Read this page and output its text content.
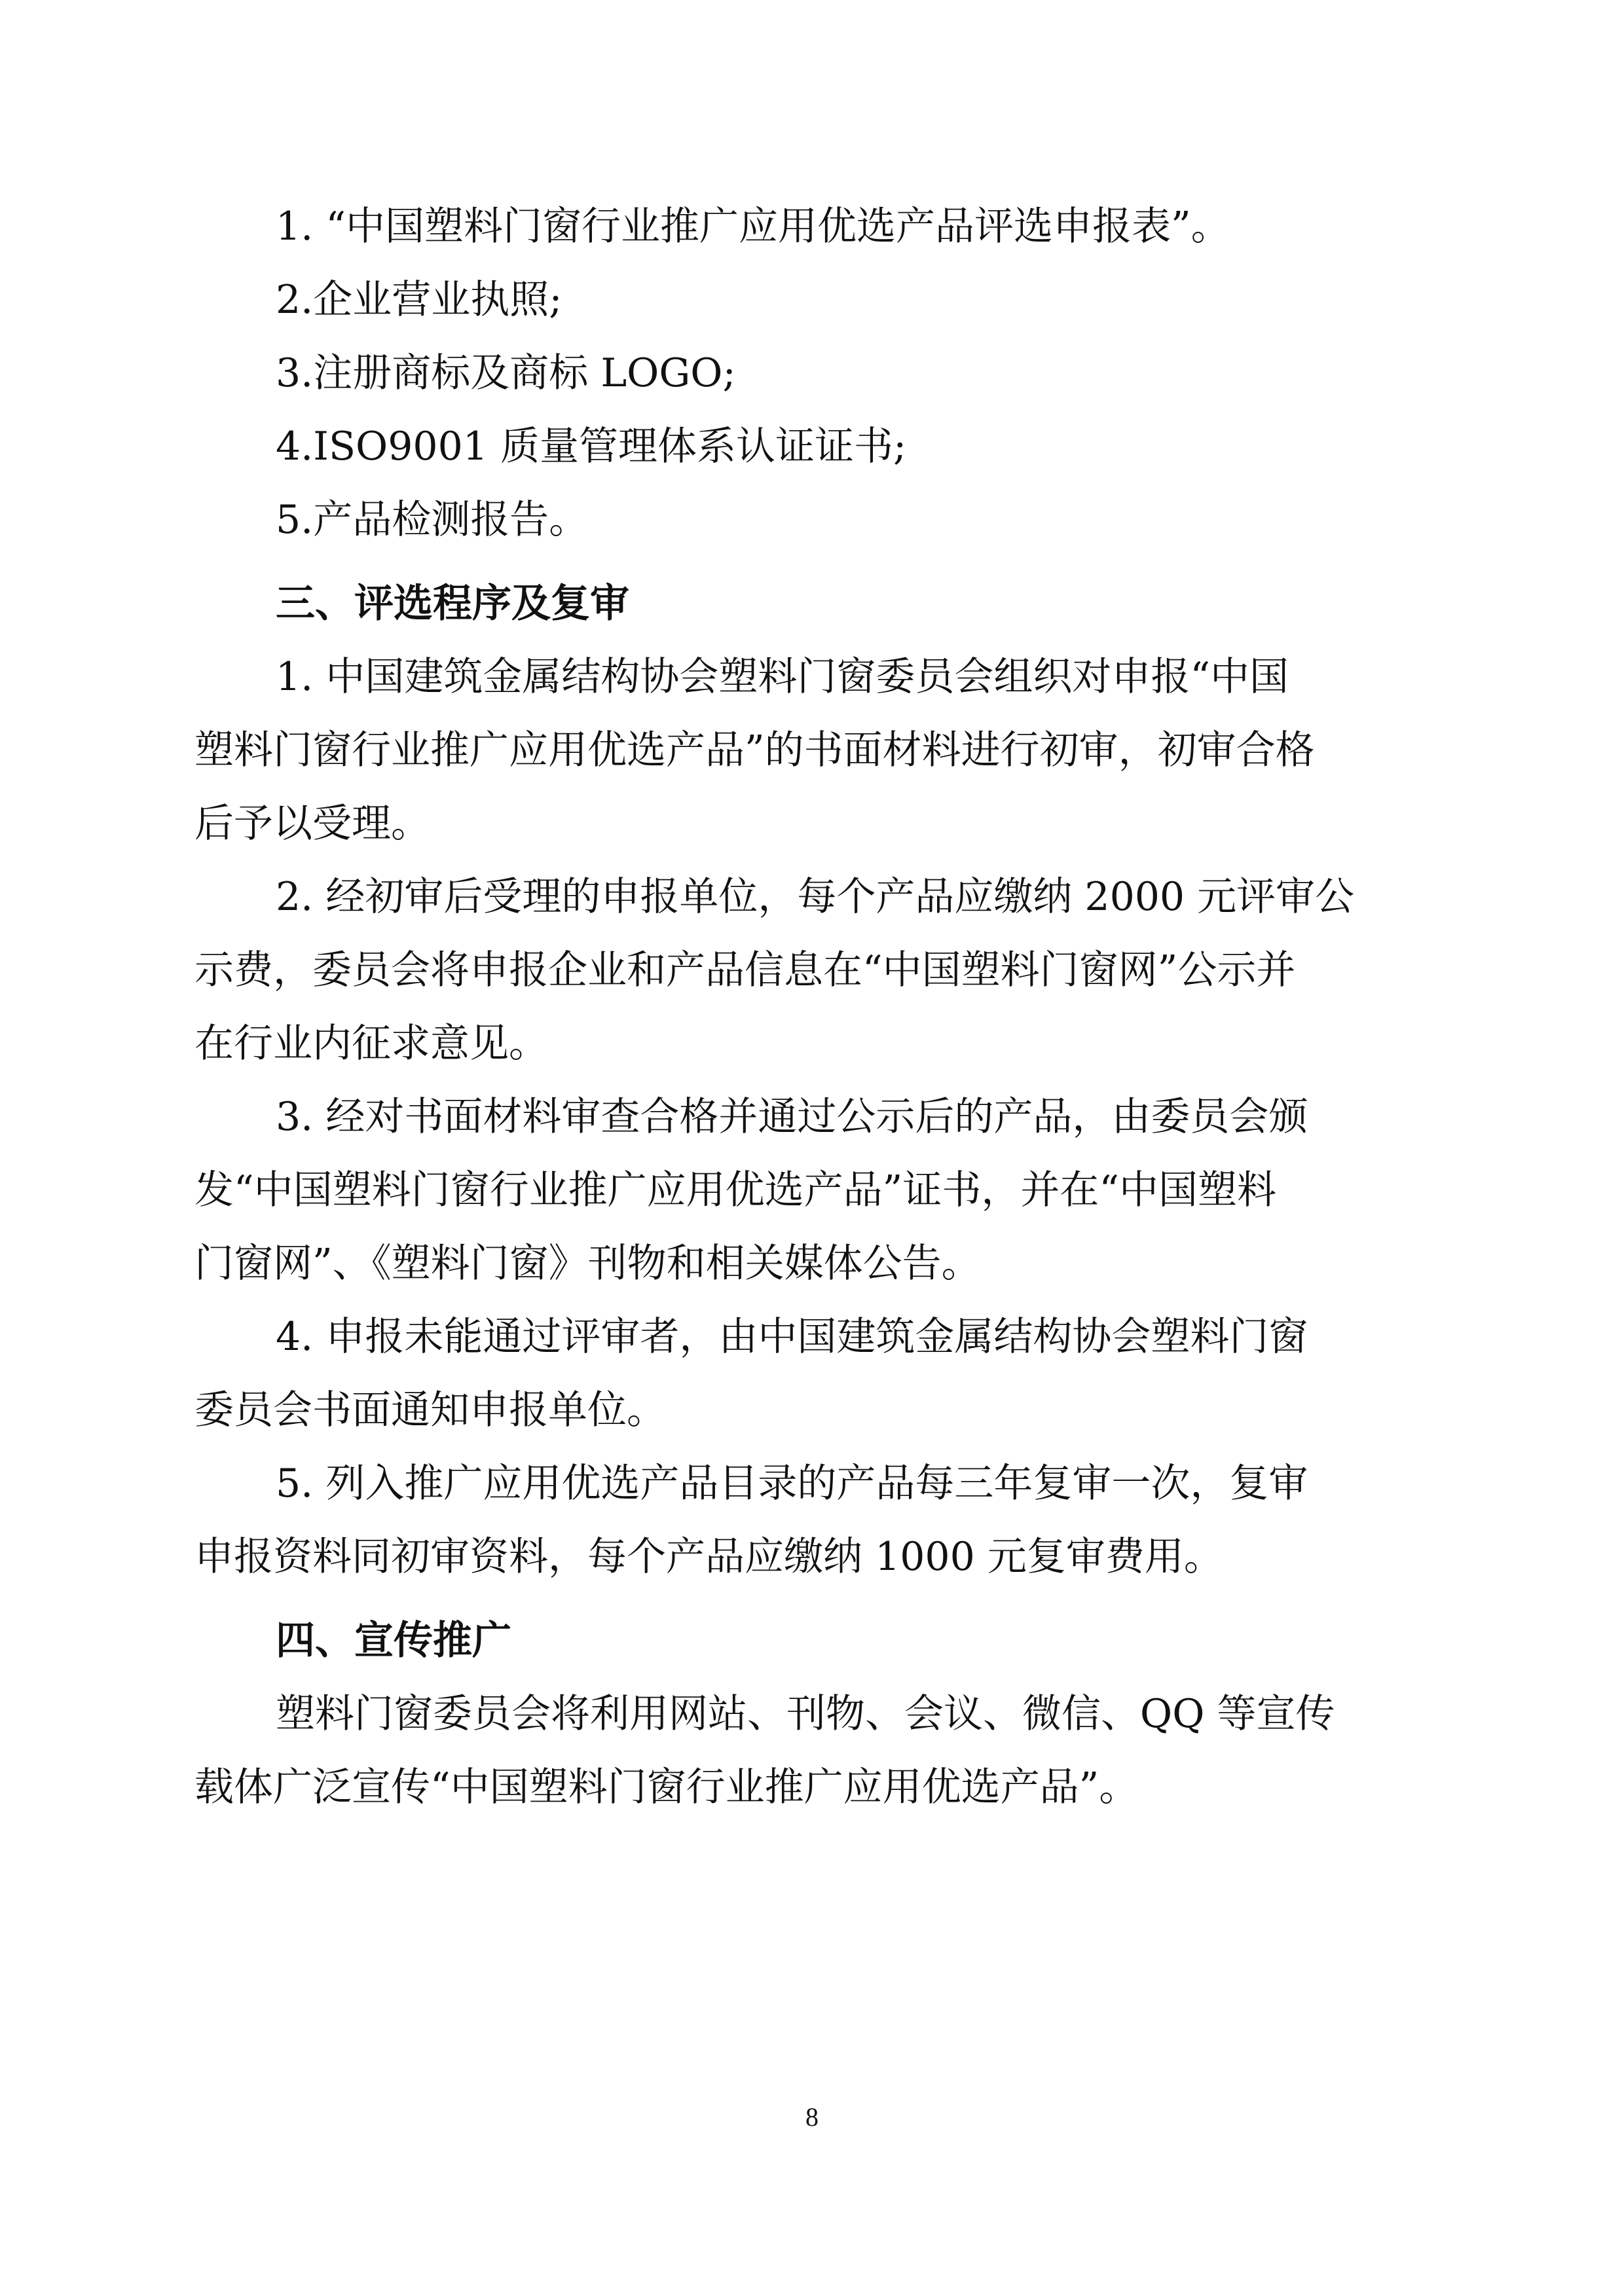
1. “中国塑料门窗行业推广应用优选产品评选申报表”。

2.企业营业执照;

3.注册商标及商标 LOGO;

4.ISO9001 质量管理体系认证证书;

5.产品检测报告。

三、评选程序及复审

1. 中国建筑金属结构协会塑料门窗委员会组织对申报“中国

塑料门窗行业推广应用优选产品”的书面材料进行初审，初审合格

后予以受理。

2. 经初审后受理的申报单位，每个产品应缴纳 2000 元评审公

示费，委员会将申报企业和产品信息在“中国塑料门窗网”公示并

在行业内征求意见。

3. 经对书面材料审查合格并通过公示后的产品，由委员会颁

发“中国塑料门窗行业推广应用优选产品”证书，并在“中国塑料

门窗网”、《塑料门窗》刊物和相关媒体公告。

4. 申报未能通过评审者，由中国建筑金属结构协会塑料门窗

委员会书面通知申报单位。

5. 列入推广应用优选产品目录的产品每三年复审一次，复审

申报资料同初审资料，每个产品应缴纳 1000 元复审费用。

四、宣传推广

塑料门窗委员会将利用网站、刊物、会议、微信、QQ 等宣传

载体广泛宣传“中国塑料门窗行业推广应用优选产品”。

8
